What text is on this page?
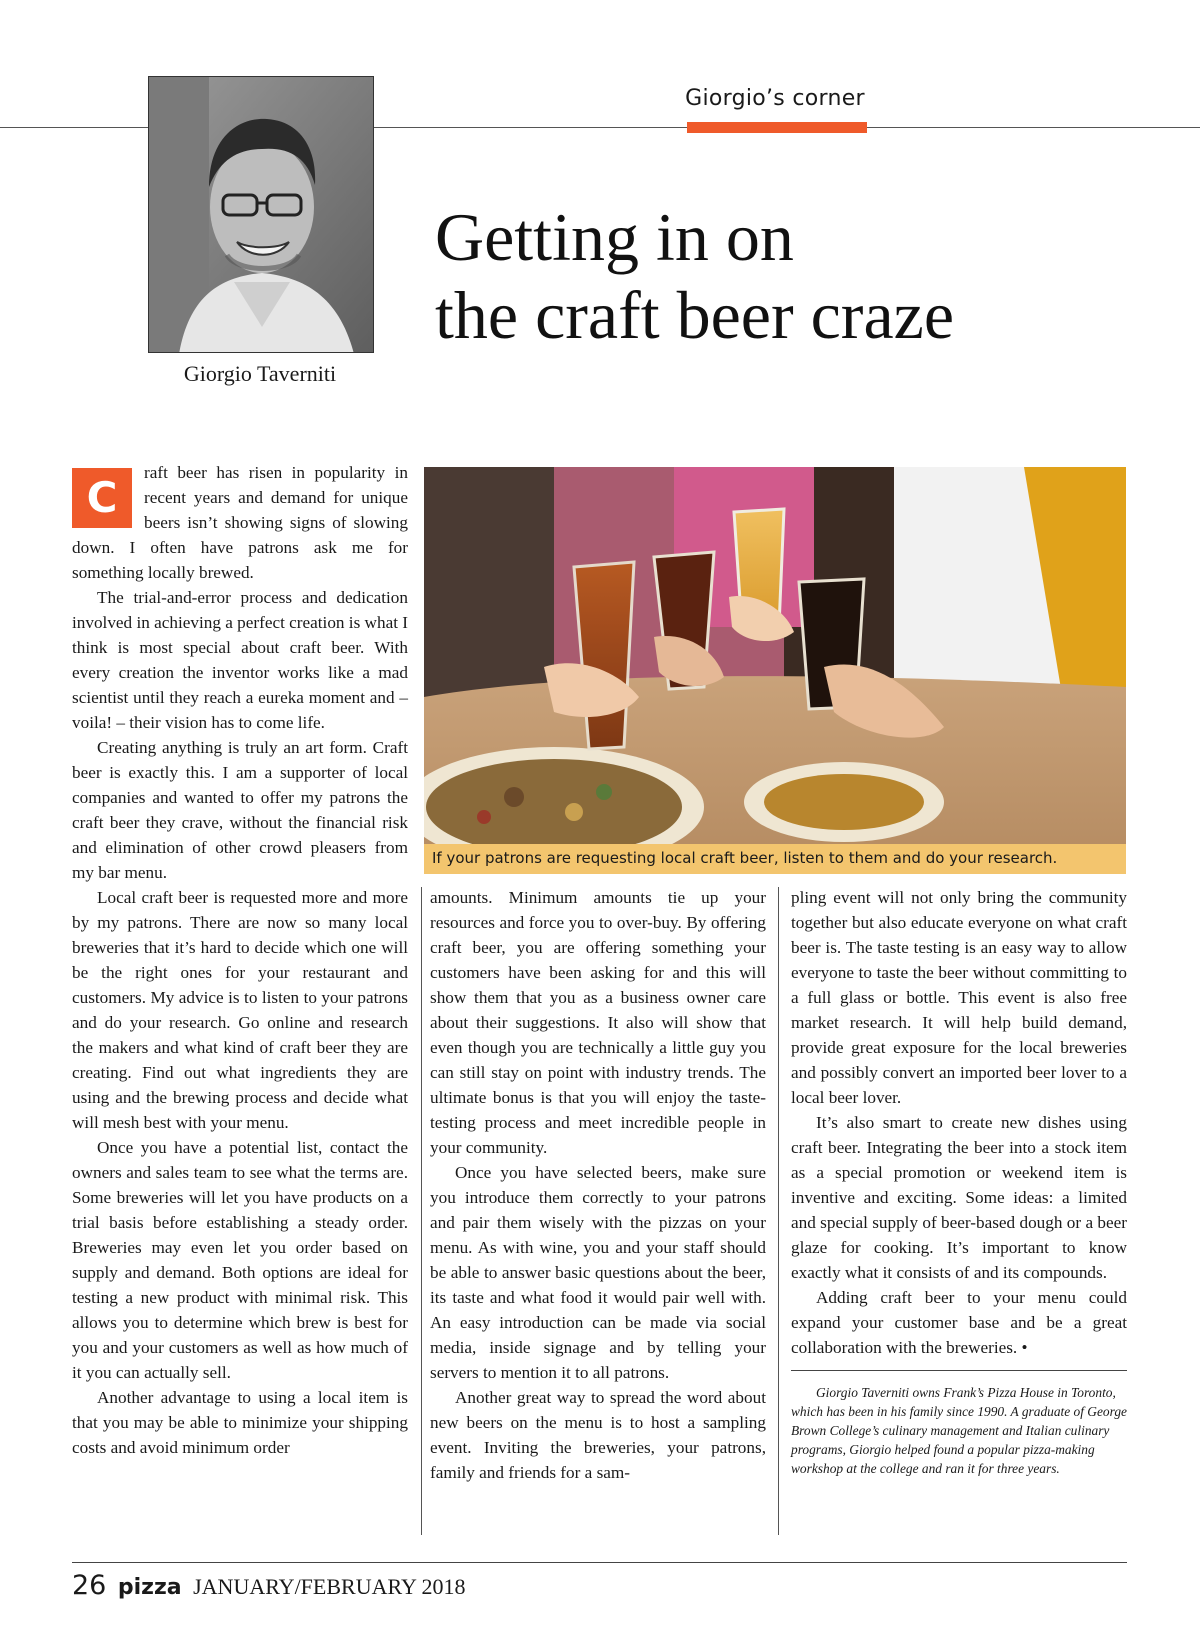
Giorgio’s corner
Giorgio Taverniti
Getting in on
the craft beer craze
If your patrons are requesting local craft beer, listen to them and do your research.
C

raft beer has risen in popularity in recent years and demand for unique beers isn’t showing signs of slowing down. I often have patrons ask me for something locally brewed.

The trial-and-error process and dedication involved in achieving a perfect creation is what I think is most special about craft beer. With every creation the inventor works like a mad scientist until they reach a eureka moment and – voila! – their vision has to come life.

Creating anything is truly an art form. Craft beer is exactly this. I am a supporter of local companies and wanted to offer my patrons the craft beer they crave, without the financial risk and elimination of other crowd pleasers from my bar menu.

Local craft beer is requested more and more by my patrons. There are now so many local breweries that it’s hard to decide which one will be the right ones for your restaurant and customers. My advice is to listen to your patrons and do your research. Go online and research the makers and what kind of craft beer they are creating. Find out what ingredients they are using and the brewing process and decide what will mesh best with your menu.

Once you have a potential list, contact the owners and sales team to see what the terms are. Some breweries will let you have products on a trial basis before establishing a steady order. Breweries may even let you order based on supply and demand. Both options are ideal for testing a new product with minimal risk. This allows you to determine which brew is best for you and your customers as well as how much of it you can actually sell.

Another advantage to using a local item is that you may be able to minimize your shipping costs and avoid minimum order

amounts. Minimum amounts tie up your resources and force you to over-buy. By offering craft beer, you are offering something your customers have been asking for and this will show them that you as a business owner care about their suggestions. It also will show that even though you are technically a little guy you can still stay on point with industry trends. The ultimate bonus is that you will enjoy the taste-testing process and meet incredible people in your community.

Once you have selected beers, make sure you introduce them correctly to your patrons and pair them wisely with the pizzas on your menu. As with wine, you and your staff should be able to answer basic questions about the beer, its taste and what food it would pair well with. An easy introduction can be made via social media, inside signage and by telling your servers to mention it to all patrons.

Another great way to spread the word about new beers on the menu is to host a sampling event. Inviting the breweries, your patrons, family and friends for a sam-

pling event will not only bring the community together but also educate everyone on what craft beer is. The taste testing is an easy way to allow everyone to taste the beer without committing to a full glass or bottle. This event is also free market research. It will help build demand, provide great exposure for the local breweries and possibly convert an imported beer lover to a local beer lover.

It’s also smart to create new dishes using craft beer. Integrating the beer into a stock item as a special promotion or weekend item is inventive and exciting. Some ideas: a limited and special supply of beer-based dough or a beer glaze for cooking. It’s important to know exactly what it consists of and its compounds.

Adding craft beer to your menu could expand your customer base and be a great collaboration with the breweries. •

Giorgio Taverniti owns Frank’s Pizza House in Toronto, which has been in his family since 1990. A graduate of George Brown College’s culinary management and Italian culinary programs, Giorgio helped found a popular pizza-making workshop at the college and ran it for three years.

26 pizza JANUARY/FEBRUARY 2018
